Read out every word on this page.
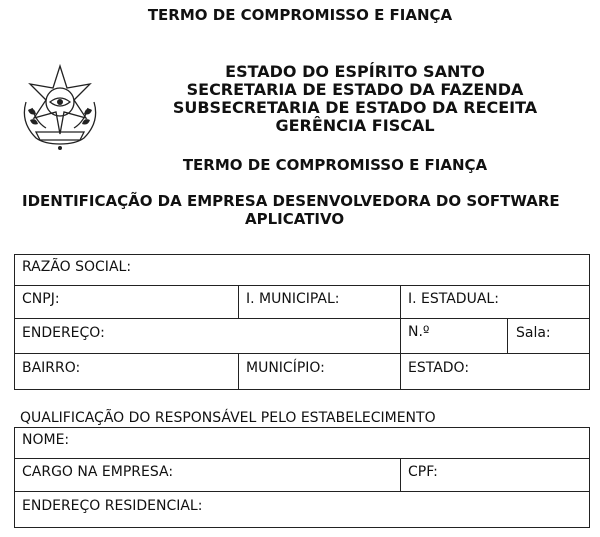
TERMO DE COMPROMISSO E FIANÇA
ESTADO DO ESPÍRITO SANTO
SECRETARIA DE ESTADO DA FAZENDA
SUBSECRETARIA DE ESTADO DA RECEITA
GERÊNCIA FISCAL
TERMO DE COMPROMISSO E FIANÇA
IDENTIFICAÇÃO DA EMPRESA DESENVOLVEDORA DO SOFTWARE
APLICATIVO
RAZÃO SOCIAL:
CNPJ:	I. MUNICIPAL:	I. ESTADUAL:
ENDEREÇO:	N.º	Sala:
BAIRRO:	MUNICÍPIO:	ESTADO:
QUALIFICAÇÃO DO RESPONSÁVEL PELO ESTABELECIMENTO
NOME:
CARGO NA EMPRESA:	CPF:
ENDEREÇO RESIDENCIAL:
